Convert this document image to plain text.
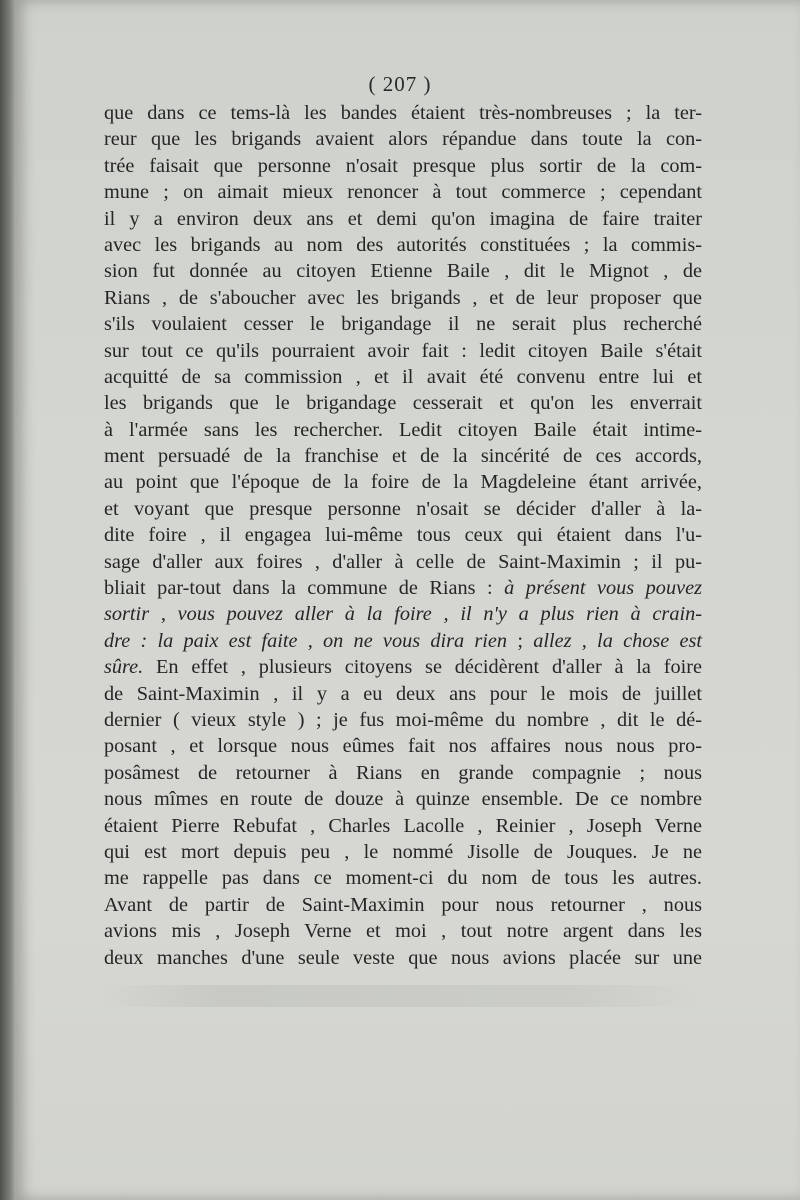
( 207 )
que dans ce tems-là les bandes étaient très-nombreuses ; la ter-
reur que les brigands avaient alors répandue dans toute la con-
trée faisait que personne n'osait presque plus sortir de la com-
mune ; on aimait mieux renoncer à tout commerce ; cependant
il y a environ deux ans et demi qu'on imagina de faire traiter
avec les brigands au nom des autorités constituées ; la commis-
sion fut donnée au citoyen Etienne Baile , dit le Mignot , de
Rians , de s'aboucher avec les brigands , et de leur proposer que
s'ils voulaient cesser le brigandage il ne serait plus recherché
sur tout ce qu'ils pourraient avoir fait : ledit citoyen Baile s'était
acquitté de sa commission , et il avait été convenu entre lui et
les brigands que le brigandage cesserait et qu'on les enverrait
à l'armée sans les rechercher. Ledit citoyen Baile était intime-
ment persuadé de la franchise et de la sincérité de ces accords,
au point que l'époque de la foire de la Magdeleine étant arrivée,
et voyant que presque personne n'osait se décider d'aller à la-
dite foire , il engagea lui-même tous ceux qui étaient dans l'u-
sage d'aller aux foires , d'aller à celle de Saint-Maximin ; il pu-
bliait par-tout dans la commune de Rians : à présent vous pouvez
sortir , vous pouvez aller à la foire , il n'y a plus rien à crain-
dre : la paix est faite , on ne vous dira rien ; allez , la chose est
sûre. En effet , plusieurs citoyens se décidèrent d'aller à la foire
de Saint-Maximin , il y a eu deux ans pour le mois de juillet
dernier ( vieux style ) ; je fus moi-même du nombre , dit le dé-
posant , et lorsque nous eûmes fait nos affaires nous nous pro-
posâmest de retourner à Rians en grande compagnie ; nous
nous mîmes en route de douze à quinze ensemble. De ce nombre
étaient Pierre Rebufat , Charles Lacolle , Reinier , Joseph Verne
qui est mort depuis peu , le nommé Jisolle de Jouques. Je ne
me rappelle pas dans ce moment-ci du nom de tous les autres.
Avant de partir de Saint-Maximin pour nous retourner , nous
avions mis , Joseph Verne et moi , tout notre argent dans les
deux manches d'une seule veste que nous avions placée sur une
